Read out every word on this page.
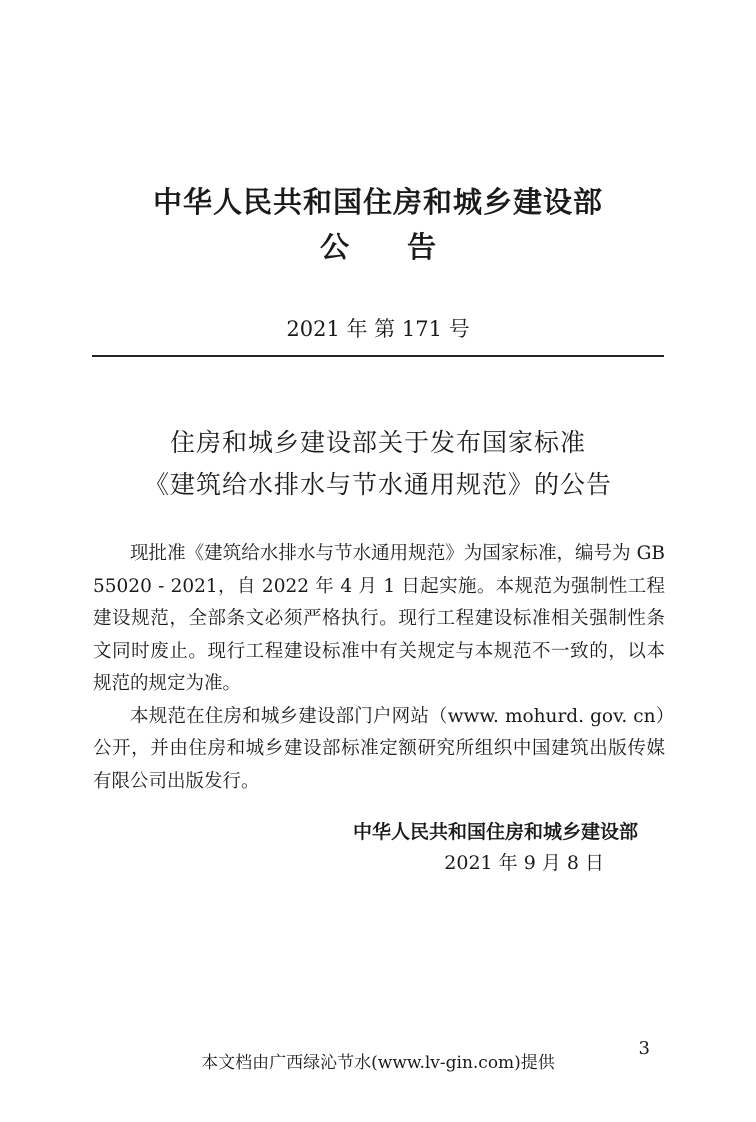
中华人民共和国住房和城乡建设部
公告
2021 年 第 171 号
住房和城乡建设部关于发布国家标准
《建筑给水排水与节水通用规范》的公告

现批准《建筑给水排水与节水通用规范》为国家标准，编号为 GB 55020 - 2021，自 2022 年 4 月 1 日起实施。本规范为强制性工程建设规范，全部条文必须严格执行。现行工程建设标准相关强制性条文同时废止。现行工程建设标准中有关规定与本规范不一致的，以本规范的规定为准。

本规范在住房和城乡建设部门户网站（www. mohurd. gov. cn）公开，并由住房和城乡建设部标准定额研究所组织中国建筑出版传媒有限公司出版发行。

中华人民共和国住房和城乡建设部
2021 年 9 月 8 日
本文档由广西绿沁节水(www.lv-gin.com)提供
3
